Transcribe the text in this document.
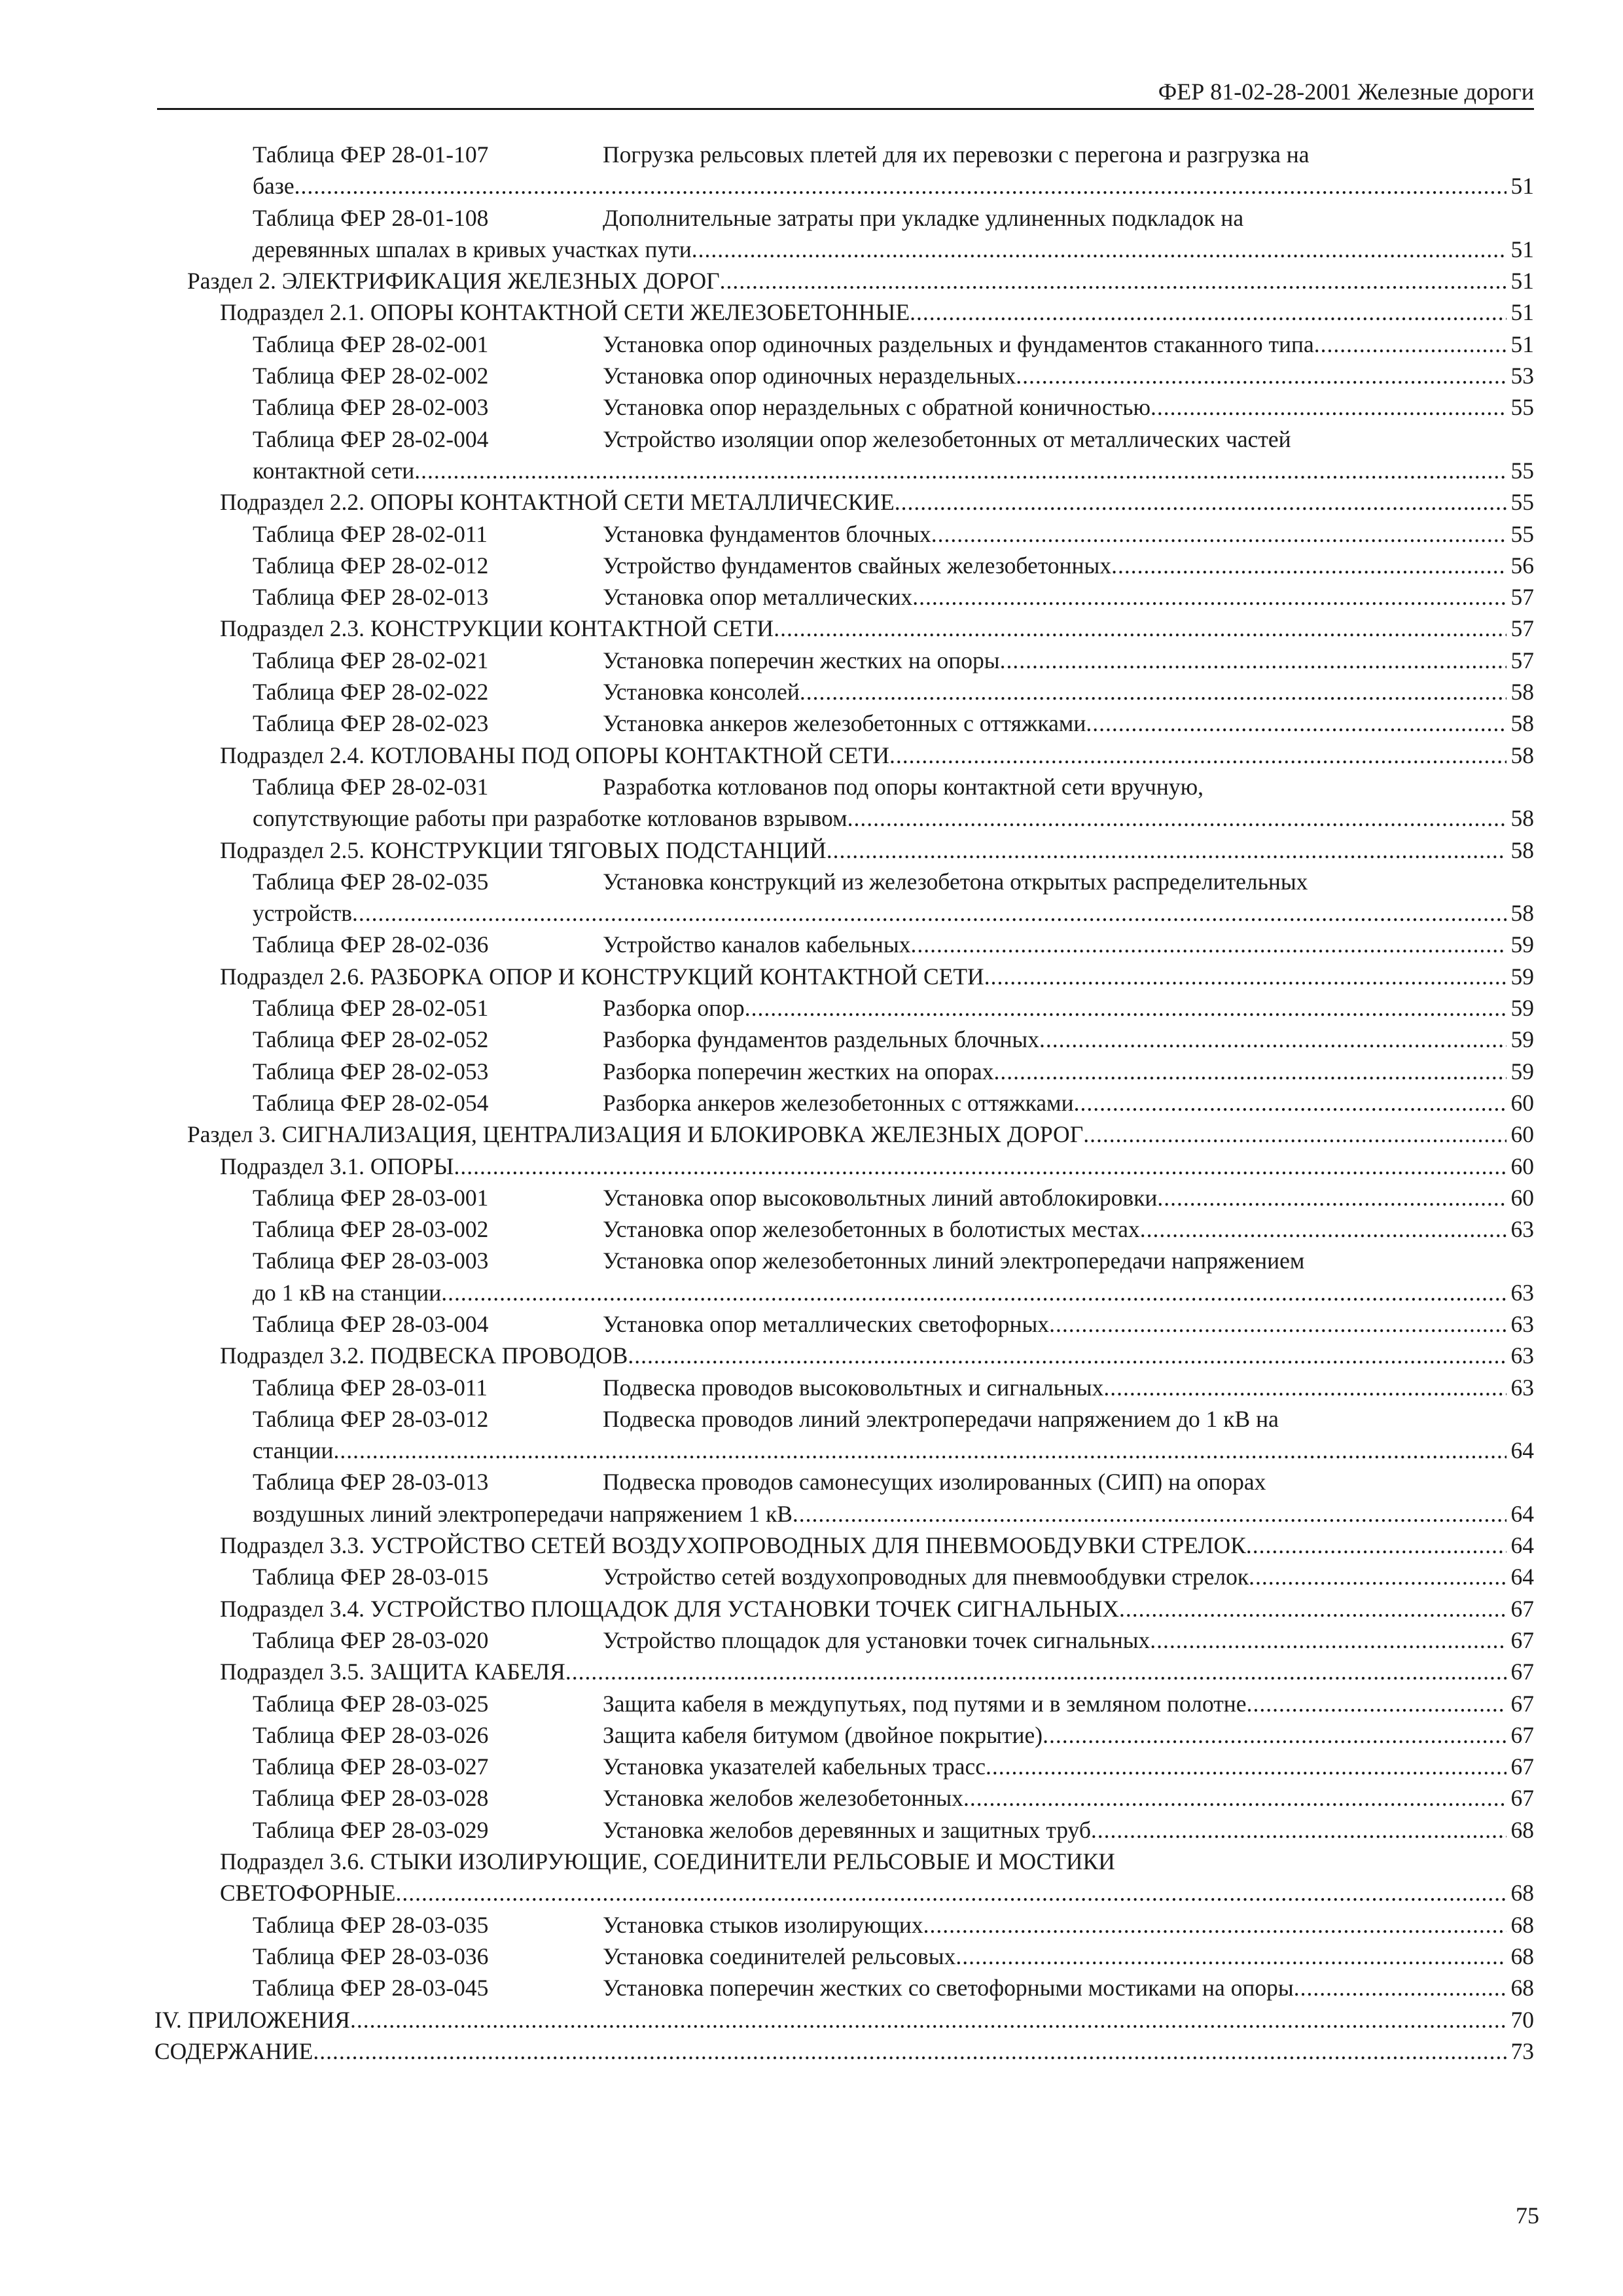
ФЕР 81-02-28-2001 Железные дороги
Таблица ФЕР 28-01-107	Погрузка рельсовых плетей для их перевозки с перегона и разгрузка на
базе .....	51
Таблица ФЕР 28-01-108	Дополнительные затраты при укладке удлиненных подкладок на
деревянных шпалах в кривых участках пути .....	51
Раздел 2. ЭЛЕКТРИФИКАЦИЯ ЖЕЛЕЗНЫХ ДОРОГ .....	51
Подраздел 2.1. ОПОРЫ КОНТАКТНОЙ СЕТИ ЖЕЛЕЗОБЕТОННЫЕ .....	51
Таблица ФЕР 28-02-001	Установка опор одиночных раздельных и фундаментов стаканного типа .....	51
Таблица ФЕР 28-02-002	Установка опор одиночных нераздельных .....	53
Таблица ФЕР 28-02-003	Установка опор нераздельных с обратной коничностью .....	55
Таблица ФЕР 28-02-004	Устройство изоляции опор железобетонных от металлических частей
контактной сети .....	55
Подраздел 2.2. ОПОРЫ КОНТАКТНОЙ СЕТИ МЕТАЛЛИЧЕСКИЕ .....	55
Таблица ФЕР 28-02-011	Установка фундаментов блочных .....	55
Таблица ФЕР 28-02-012	Устройство фундаментов свайных железобетонных .....	56
Таблица ФЕР 28-02-013	Установка опор металлических .....	57
Подраздел 2.3. КОНСТРУКЦИИ КОНТАКТНОЙ СЕТИ .....	57
Таблица ФЕР 28-02-021	Установка поперечин жестких на опоры .....	57
Таблица ФЕР 28-02-022	Установка консолей .....	58
Таблица ФЕР 28-02-023	Установка анкеров железобетонных с оттяжками .....	58
Подраздел 2.4. КОТЛОВАНЫ ПОД ОПОРЫ КОНТАКТНОЙ СЕТИ .....	58
Таблица ФЕР 28-02-031	Разработка котлованов под опоры контактной сети вручную,
сопутствующие работы при разработке котлованов взрывом .....	58
Подраздел 2.5. КОНСТРУКЦИИ ТЯГОВЫХ ПОДСТАНЦИЙ .....	58
Таблица ФЕР 28-02-035	Установка конструкций из железобетона открытых распределительных
устройств .....	58
Таблица ФЕР 28-02-036	Устройство каналов кабельных .....	59
Подраздел 2.6. РАЗБОРКА ОПОР И КОНСТРУКЦИЙ КОНТАКТНОЙ СЕТИ .....	59
Таблица ФЕР 28-02-051	Разборка опор .....	59
Таблица ФЕР 28-02-052	Разборка фундаментов раздельных блочных .....	59
Таблица ФЕР 28-02-053	Разборка поперечин жестких на опорах .....	59
Таблица ФЕР 28-02-054	Разборка анкеров железобетонных с оттяжками .....	60
Раздел 3. СИГНАЛИЗАЦИЯ, ЦЕНТРАЛИЗАЦИЯ И БЛОКИРОВКА ЖЕЛЕЗНЫХ ДОРОГ .....	60
Подраздел 3.1. ОПОРЫ .....	60
Таблица ФЕР 28-03-001	Установка опор высоковольтных линий автоблокировки .....	60
Таблица ФЕР 28-03-002	Установка опор железобетонных в болотистых местах .....	63
Таблица ФЕР 28-03-003	Установка опор железобетонных линий электропередачи напряжением
до 1 кВ на станции .....	63
Таблица ФЕР 28-03-004	Установка опор металлических светофорных .....	63
Подраздел 3.2. ПОДВЕСКА ПРОВОДОВ .....	63
Таблица ФЕР 28-03-011	Подвеска проводов высоковольтных и сигнальных .....	63
Таблица ФЕР 28-03-012	Подвеска проводов линий электропередачи напряжением до 1 кВ на
станции .....	64
Таблица ФЕР 28-03-013	Подвеска проводов самонесущих изолированных (СИП) на опорах
воздушных линий электропередачи напряжением 1 кВ .....	64
Подраздел 3.3. УСТРОЙСТВО СЕТЕЙ ВОЗДУХОПРОВОДНЫХ ДЛЯ ПНЕВМООБДУВКИ СТРЕЛОК .....	64
Таблица ФЕР 28-03-015	Устройство сетей воздухопроводных для пневмообдувки стрелок .....	64
Подраздел 3.4. УСТРОЙСТВО ПЛОЩАДОК ДЛЯ УСТАНОВКИ ТОЧЕК СИГНАЛЬНЫХ .....	67
Таблица ФЕР 28-03-020	Устройство площадок для установки точек сигнальных .....	67
Подраздел 3.5. ЗАЩИТА КАБЕЛЯ .....	67
Таблица ФЕР 28-03-025	Защита кабеля в междупутьях, под путями и в земляном полотне .....	67
Таблица ФЕР 28-03-026	Защита кабеля битумом (двойное покрытие) .....	67
Таблица ФЕР 28-03-027	Установка указателей кабельных трасс .....	67
Таблица ФЕР 28-03-028	Установка желобов железобетонных .....	67
Таблица ФЕР 28-03-029	Установка желобов деревянных и защитных труб .....	68
Подраздел 3.6. СТЫКИ ИЗОЛИРУЮЩИЕ, СОЕДИНИТЕЛИ РЕЛЬСОВЫЕ И МОСТИКИ
СВЕТОФОРНЫЕ .....	68
Таблица ФЕР 28-03-035	Установка стыков изолирующих .....	68
Таблица ФЕР 28-03-036	Установка соединителей рельсовых .....	68
Таблица ФЕР 28-03-045	Установка поперечин жестких со светофорными мостиками на опоры .....	68
IV. ПРИЛОЖЕНИЯ .....	70
СОДЕРЖАНИЕ .....	73
75
